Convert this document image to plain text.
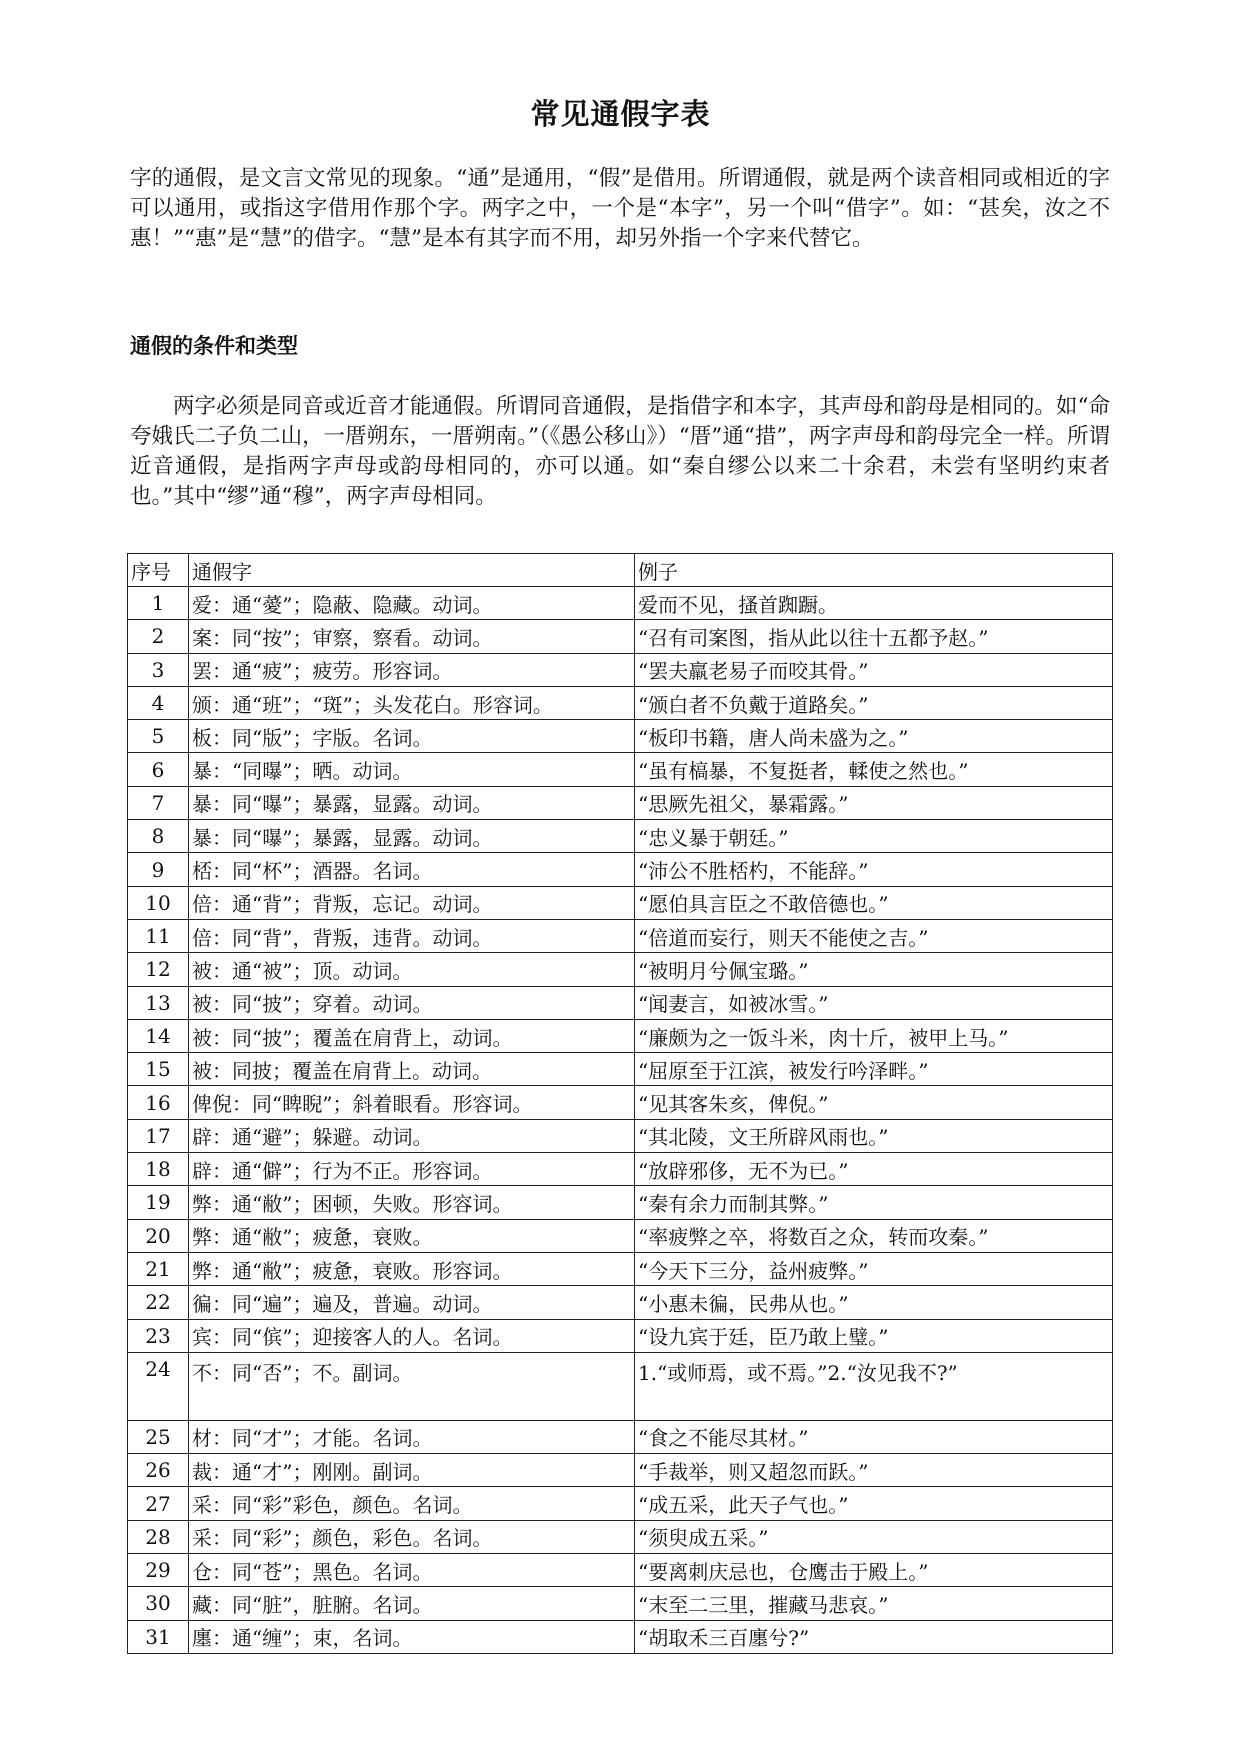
常见通假字表

字的通假，是文言文常见的现象。“通”是通用，“假”是借用。所谓通假，就是两个读音相同或相近的字可以通用，或指这字借用作那个字。两字之中，一个是“本字”，另一个叫“借字”。如：“甚矣，汝之不惠！”“惠”是“慧”的借字。“慧”是本有其字而不用，却另外指一个字来代替它。

通假的条件和类型

两字必须是同音或近音才能通假。所谓同音通假，是指借字和本字，其声母和韵母是相同的。如“命夸娥氏二子负二山，一厝朔东，一厝朔南。”（《愚公移山》）“厝”通“措”，两字声母和韵母完全一样。所谓近音通假，是指两字声母或韵母相同的，亦可以通。如“秦自缪公以来二十余君，未尝有坚明约束者也。”其中“缪”通“穆”，两字声母相同。

序号	通假字	例子
1	爱：通“薆”；隐蔽、隐藏。动词。	爱而不见，搔首踟蹰。
2	案：同“按”；审察，察看。动词。	“召有司案图，指从此以往十五都予赵。”
3	罢：通“疲”；疲劳。形容词。	“罢夫羸老易子而咬其骨。”
4	颁：通“班”；“斑”；头发花白。形容词。	“颁白者不负戴于道路矣。”
5	板：同“版”；字版。名词。	“板印书籍，唐人尚未盛为之。”
6	暴：“同曝”；晒。动词。	“虽有槁暴，不复挺者，輮使之然也。”
7	暴：同“曝”；暴露，显露。动词。	“思厥先祖父，暴霜露。”
8	暴：同“曝”；暴露，显露。动词。	“忠义暴于朝廷。”
9	桮：同“杯”；酒器。名词。	“沛公不胜桮杓，不能辞。”
10	倍：通“背”；背叛，忘记。动词。	“愿伯具言臣之不敢倍德也。”
11	倍：同“背”，背叛，违背。动词。	“倍道而妄行，则天不能使之吉。”
12	被：通“被”；顶。动词。	“被明月兮佩宝璐。”
13	被：同“披”；穿着。动词。	“闻妻言，如被冰雪。”
14	被：同“披”；覆盖在肩背上，动词。	“廉颇为之一饭斗米，肉十斤，被甲上马。”
15	被：同披；覆盖在肩背上。动词。	“屈原至于江滨，被发行吟泽畔。”
16	俾倪：同“睥睨”；斜着眼看。形容词。	“见其客朱亥，俾倪。”
17	辟：通“避”；躲避。动词。	“其北陵，文王所辟风雨也。”
18	辟：通“僻”；行为不正。形容词。	“放辟邪侈，无不为已。”
19	弊：通“敝”；困顿，失败。形容词。	“秦有余力而制其弊。”
20	弊：通“敝”；疲惫，衰败。	“率疲弊之卒，将数百之众，转而攻秦。”
21	弊：通“敝”；疲惫，衰败。形容词。	“今天下三分，益州疲弊。”
22	徧：同“遍”；遍及，普遍。动词。	“小惠未徧，民弗从也。”
23	宾：同“傧”；迎接客人的人。名词。	“设九宾于廷，臣乃敢上璧。”
24	不：同“否”；不。副词。	1.“或师焉，或不焉。”2.“汝见我不?”
25	材：同“才”；才能。名词。	“食之不能尽其材。”
26	裁：通“才”；刚刚。副词。	“手裁举，则又超忽而跃。”
27	采：同“彩”彩色，颜色。名词。	“成五采，此天子气也。”
28	采：同“彩”；颜色，彩色。名词。	“须臾成五采。”
29	仓：同“苍”；黑色。名词。	“要离刺庆忌也，仓鹰击于殿上。”
30	藏：同“脏”，脏腑。名词。	“末至二三里，摧藏马悲哀。”
31	廛：通“缠”；束，名词。	“胡取禾三百廛兮?”
